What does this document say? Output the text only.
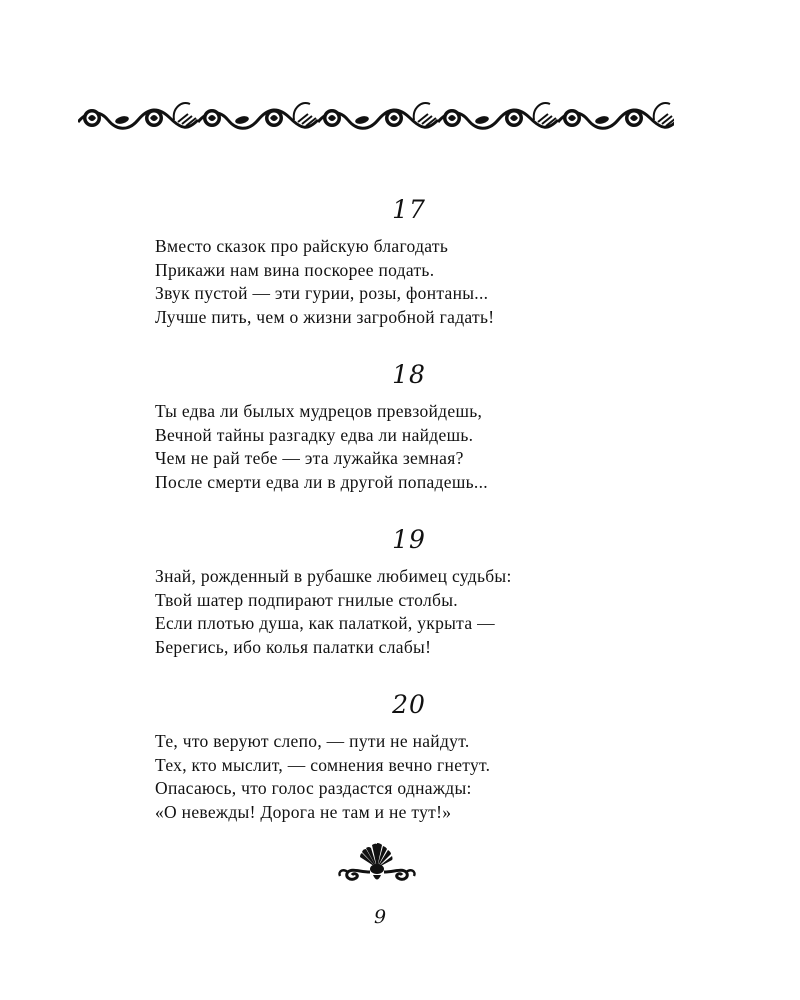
17
Вместо сказок про райскую благодать
Прикажи нам вина поскорее подать.
Звук пустой — эти гурии, розы, фонтаны...
Лучше пить, чем о жизни загробной гадать!
18
Ты едва ли былых мудрецов превзойдешь,
Вечной тайны разгадку едва ли найдешь.
Чем не рай тебе — эта лужайка земная?
После смерти едва ли в другой попадешь...
19
Знай, рожденный в рубашке любимец судьбы:
Твой шатер подпирают гнилые столбы.
Если плотью душа, как палаткой, укрыта —
Берегись, ибо колья палатки слабы!
20
Те, что веруют слепо, — пути не найдут.
Тех, кто мыслит, — сомнения вечно гнетут.
Опасаюсь, что голос раздастся однажды:
«О невежды! Дорога не там и не тут!»
9
